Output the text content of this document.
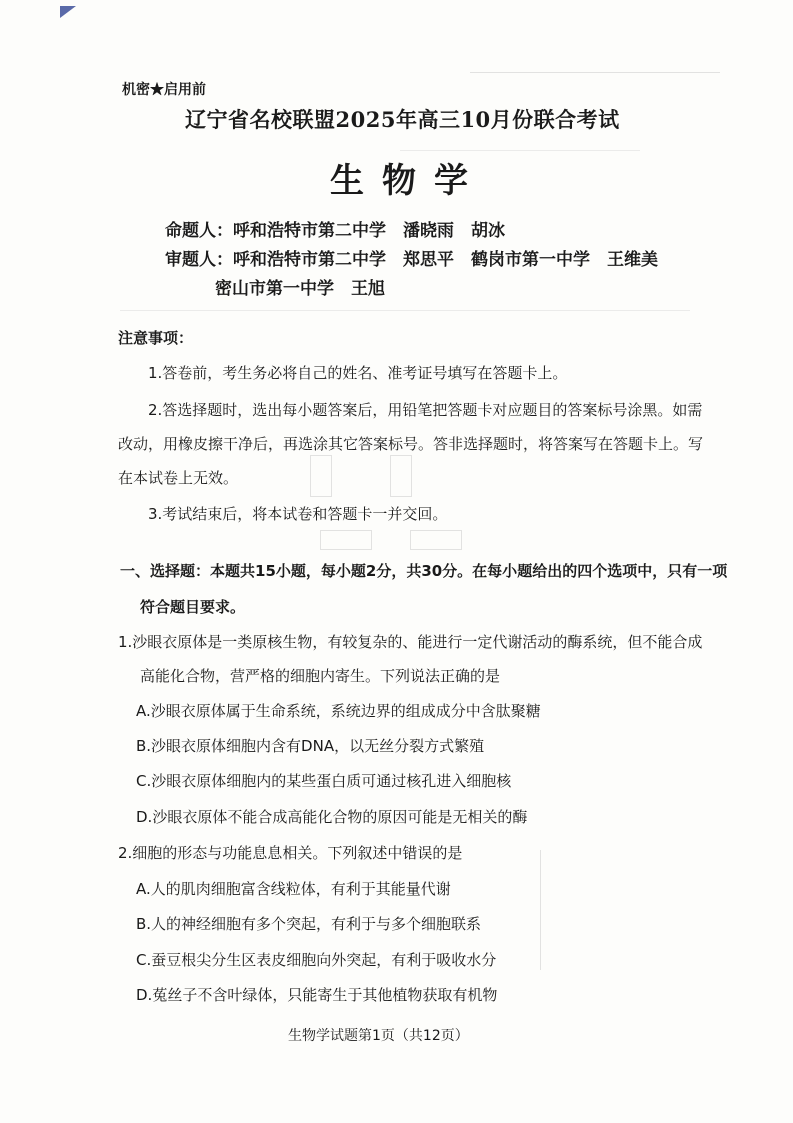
机密★启用前
辽宁省名校联盟2025年高三10月份联合考试
生物学
命题人：呼和浩特市第二中学　潘晓雨　胡冰
审题人：呼和浩特市第二中学　郑思平　鹤岗市第一中学　王维美
密山市第一中学　王旭
注意事项：
1.答卷前，考生务必将自己的姓名、准考证号填写在答题卡上。
2.答选择题时，选出每小题答案后，用铅笔把答题卡对应题目的答案标号涂黑。如需
改动，用橡皮擦干净后，再选涂其它答案标号。答非选择题时，将答案写在答题卡上。写
在本试卷上无效。
3.考试结束后，将本试卷和答题卡一并交回。
一、选择题：本题共15小题，每小题2分，共30分。在每小题给出的四个选项中，只有一项
符合题目要求。
1.沙眼衣原体是一类原核生物，有较复杂的、能进行一定代谢活动的酶系统，但不能合成
高能化合物，营严格的细胞内寄生。下列说法正确的是
A.沙眼衣原体属于生命系统，系统边界的组成成分中含肽聚糖
B.沙眼衣原体细胞内含有DNA，以无丝分裂方式繁殖
C.沙眼衣原体细胞内的某些蛋白质可通过核孔进入细胞核
D.沙眼衣原体不能合成高能化合物的原因可能是无相关的酶
2.细胞的形态与功能息息相关。下列叙述中错误的是
A.人的肌肉细胞富含线粒体，有利于其能量代谢
B.人的神经细胞有多个突起，有利于与多个细胞联系
C.蚕豆根尖分生区表皮细胞向外突起，有利于吸收水分
D.菟丝子不含叶绿体，只能寄生于其他植物获取有机物
生物学试题第1页（共12页）
